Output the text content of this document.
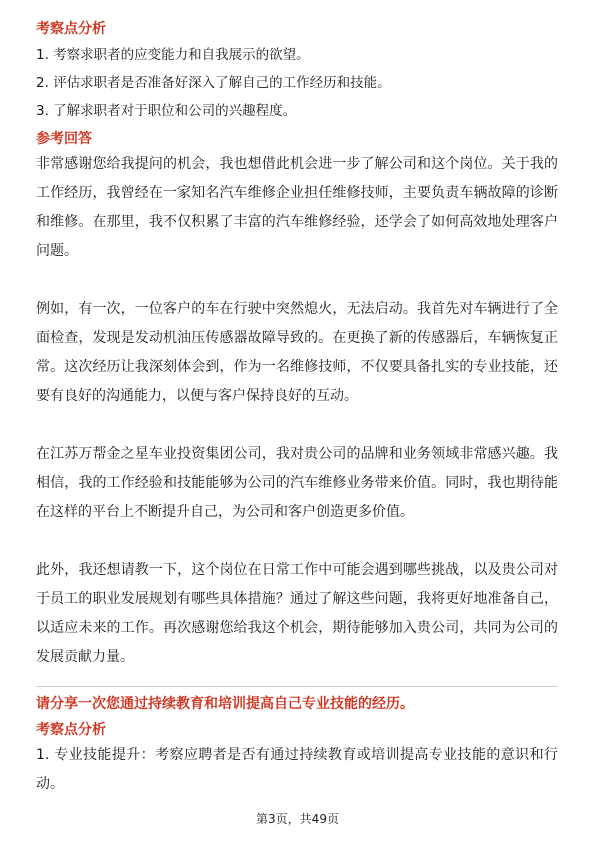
考察点分析

1. 考察求职者的应变能力和自我展示的欲望。

2. 评估求职者是否准备好深入了解自己的工作经历和技能。

3. 了解求职者对于职位和公司的兴趣程度。

参考回答

非常感谢您给我提问的机会，我也想借此机会进一步了解公司和这个岗位。关于我的工作经历，我曾经在一家知名汽车维修企业担任维修技师，主要负责车辆故障的诊断和维修。在那里，我不仅积累了丰富的汽车维修经验，还学会了如何高效地处理客户问题。

例如，有一次，一位客户的车在行驶中突然熄火，无法启动。我首先对车辆进行了全面检查，发现是发动机油压传感器故障导致的。在更换了新的传感器后，车辆恢复正常。这次经历让我深刻体会到，作为一名维修技师，不仅要具备扎实的专业技能，还要有良好的沟通能力，以便与客户保持良好的互动。

在江苏万帮金之星车业投资集团公司，我对贵公司的品牌和业务领域非常感兴趣。我相信，我的工作经验和技能能够为公司的汽车维修业务带来价值。同时，我也期待能在这样的平台上不断提升自己，为公司和客户创造更多价值。

此外，我还想请教一下，这个岗位在日常工作中可能会遇到哪些挑战，以及贵公司对于员工的职业发展规划有哪些具体措施？通过了解这些问题，我将更好地准备自己，以适应未来的工作。再次感谢您给我这个机会，期待能够加入贵公司，共同为公司的发展贡献力量。

请分享一次您通过持续教育和培训提高自己专业技能的经历。

考察点分析

1. 专业技能提升：考察应聘者是否有通过持续教育或培训提高专业技能的意识和行动。

第3页，共49页
